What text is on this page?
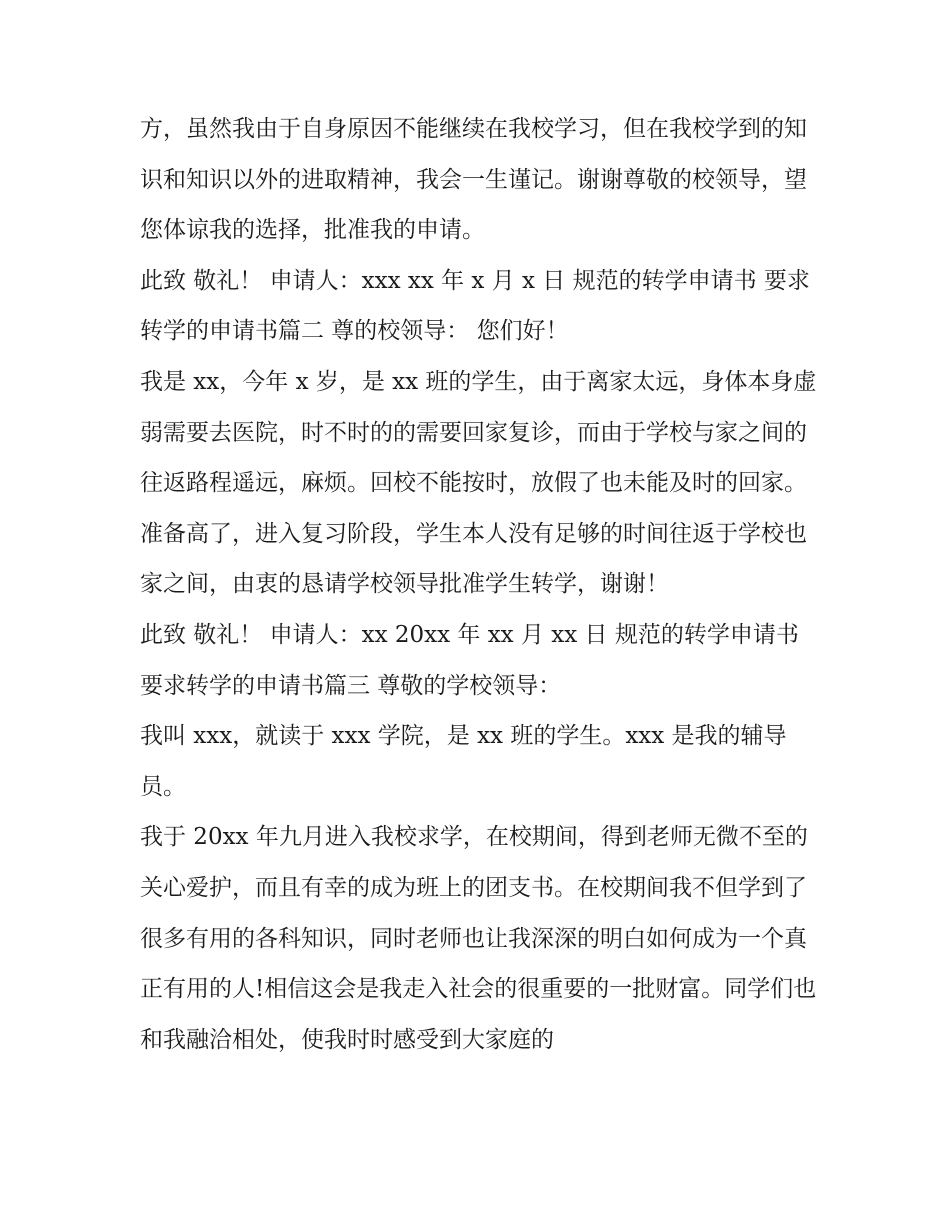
方，虽然我由于自身原因不能继续在我校学习，但在我校学到的知识和知识以外的进取精神，我会一生谨记。谢谢尊敬的校领导，望您体谅我的选择，批准我的申请。

此致 敬礼！ 申请人：xxx xx 年 x 月 x 日 规范的转学申请书 要求转学的申请书篇二 尊的校领导： 您们好！

我是 xx，今年 x 岁，是 xx 班的学生，由于离家太远，身体本身虚弱需要去医院，时不时的的需要回家复诊，而由于学校与家之间的往返路程遥远，麻烦。回校不能按时，放假了也未能及时的回家。准备高了，进入复习阶段，学生本人没有足够的时间往返于学校也家之间，由衷的恳请学校领导批准学生转学，谢谢！

此致 敬礼！ 申请人：xx 20xx 年 xx 月 xx 日 规范的转学申请书 要求转学的申请书篇三 尊敬的学校领导：

我叫 xxx，就读于 xxx 学院，是 xx 班的学生。xxx 是我的辅导员。

我于 20xx 年九月进入我校求学，在校期间，得到老师无微不至的关心爱护，而且有幸的成为班上的团支书。在校期间我不但学到了很多有用的各科知识，同时老师也让我深深的明白如何成为一个真正有用的人!相信这会是我走入社会的很重要的一批财富。同学们也和我融洽相处，使我时时感受到大家庭的
